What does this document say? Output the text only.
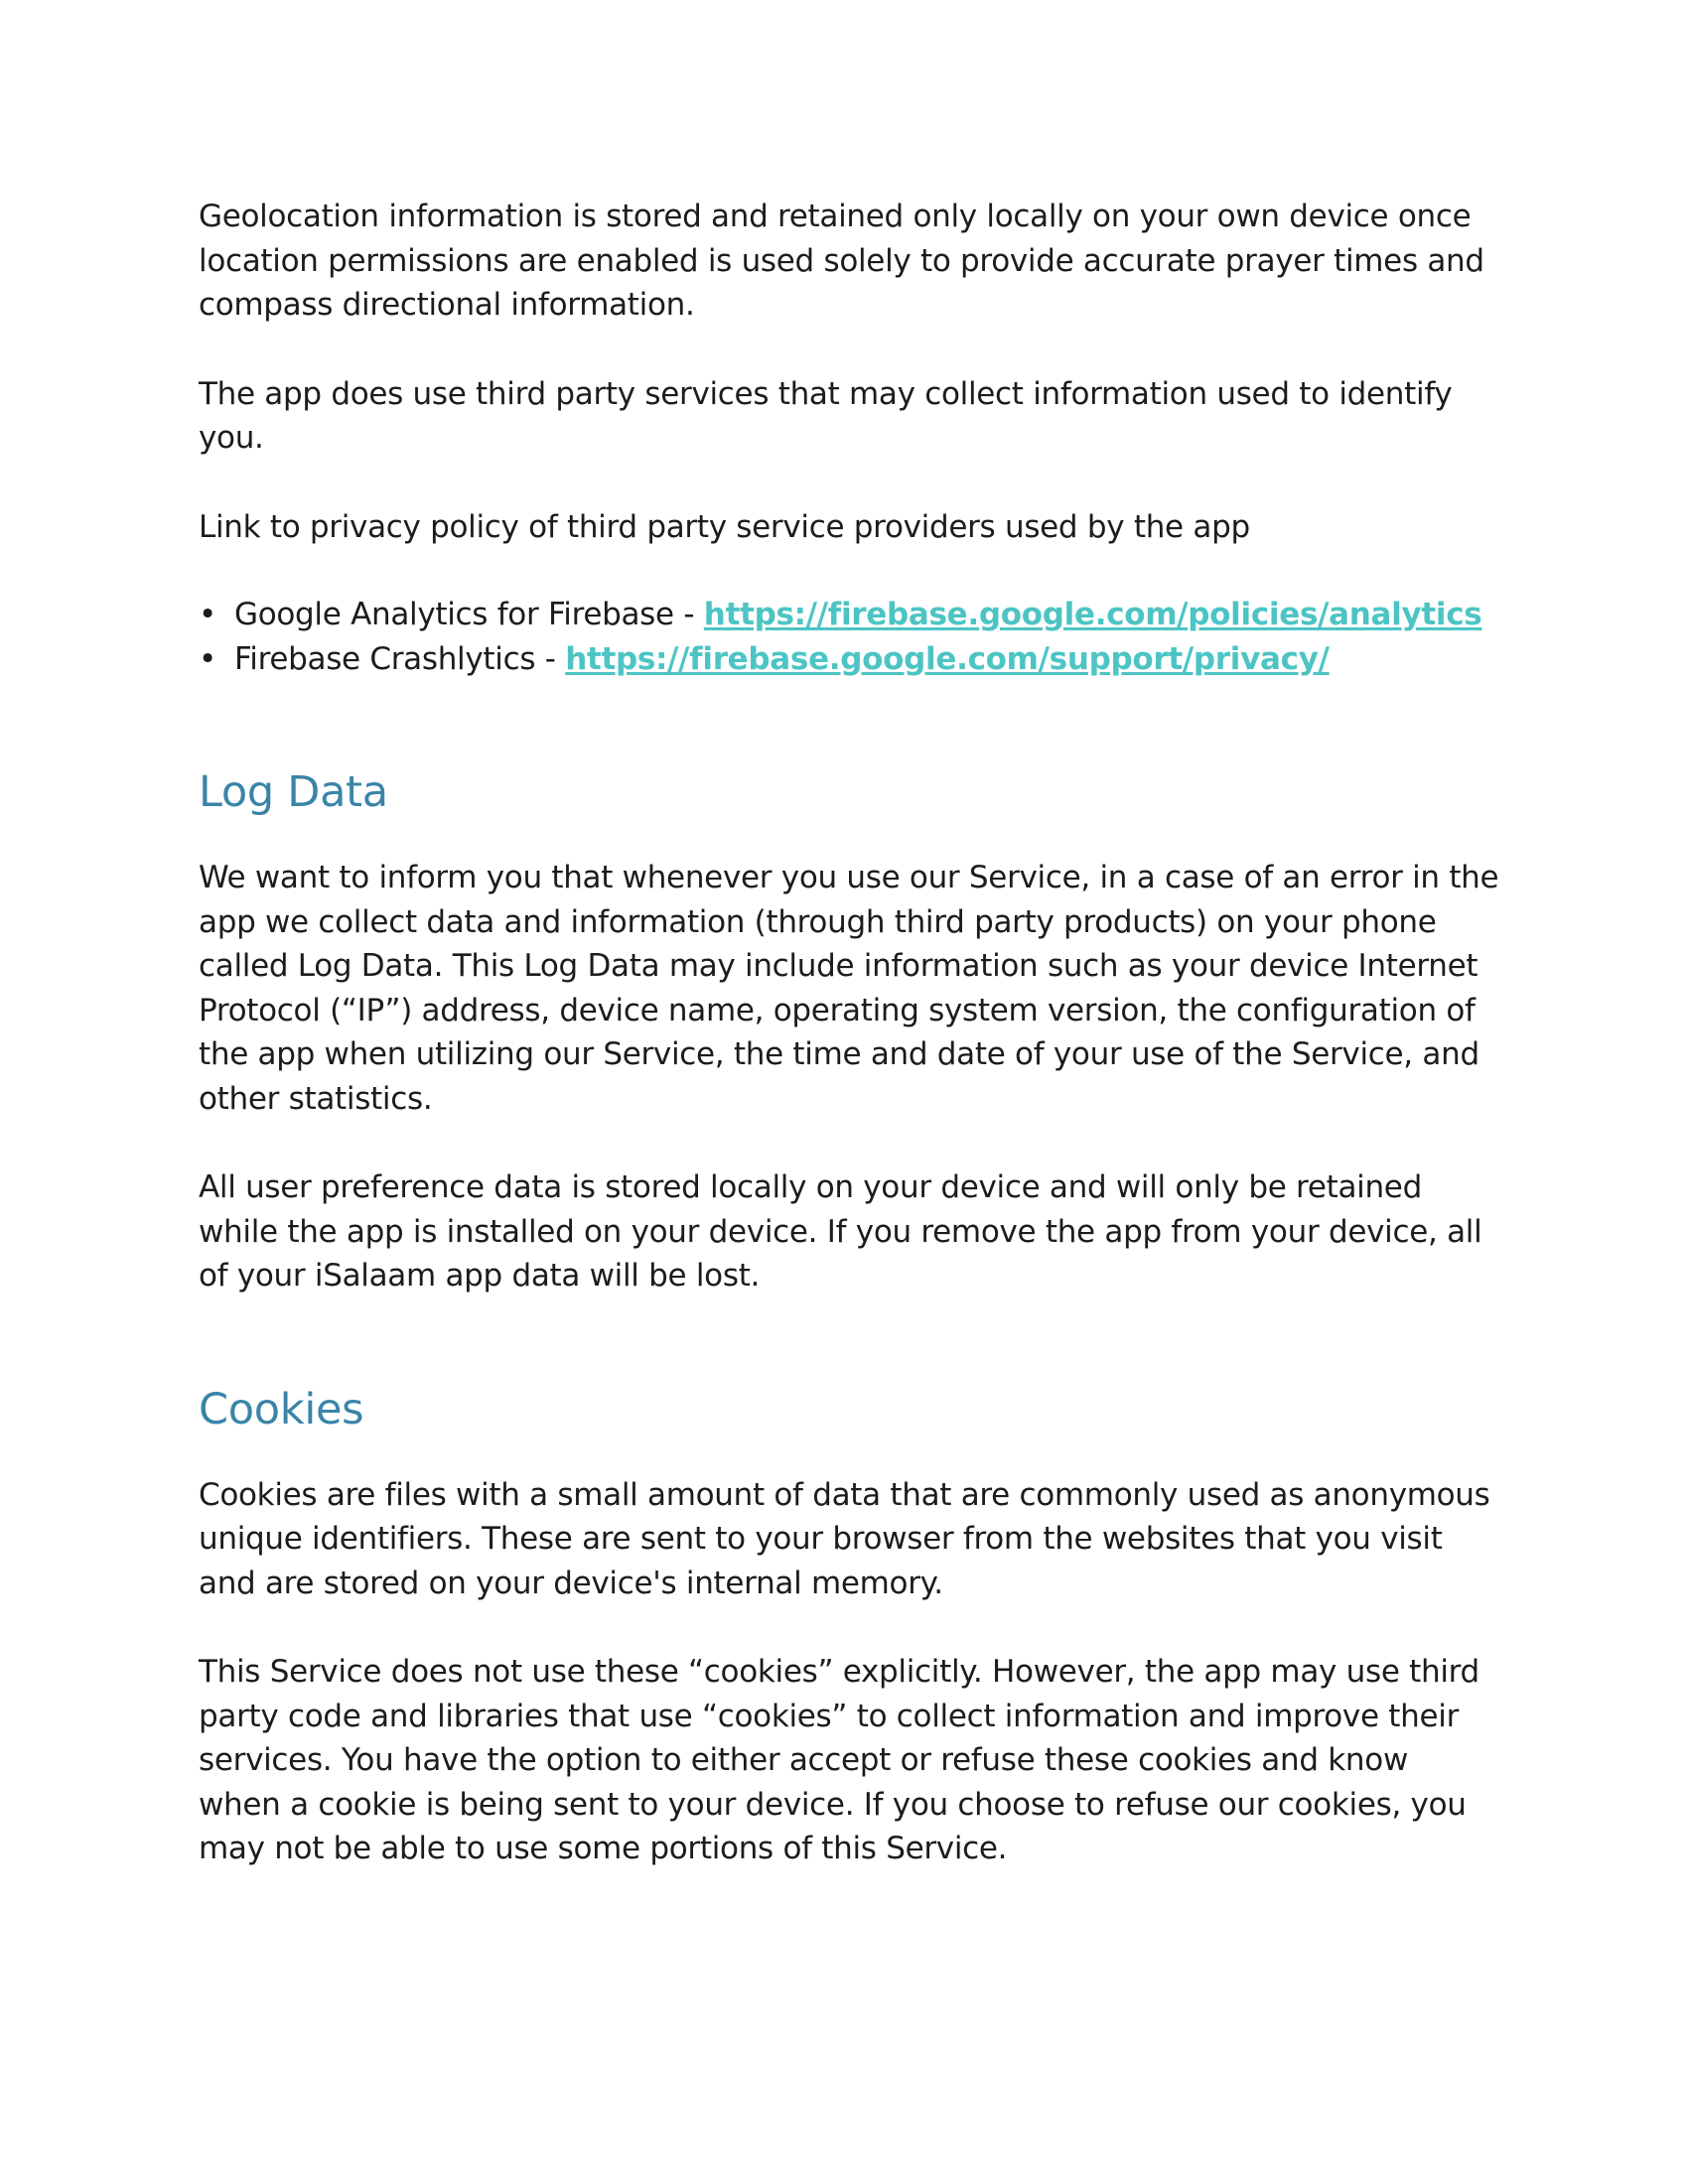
Geolocation information is stored and retained only locally on your own device once location permissions are enabled is used solely to provide accurate prayer times and compass directional information.

The app does use third party services that may collect information used to identify you.

Link to privacy policy of third party service providers used by the app

• Google Analytics for Firebase - https://firebase.google.com/policies/analytics
• Firebase Crashlytics - https://firebase.google.com/support/privacy/
Log Data

We want to inform you that whenever you use our Service, in a case of an error in the app we collect data and information (through third party products) on your phone called Log Data. This Log Data may include information such as your device Internet Protocol (“IP”) address, device name, operating system version, the configuration of the app when utilizing our Service, the time and date of your use of the Service, and other statistics.

All user preference data is stored locally on your device and will only be retained while the app is installed on your device. If you remove the app from your device, all of your iSalaam app data will be lost.

Cookies

Cookies are files with a small amount of data that are commonly used as anonymous unique identifiers. These are sent to your browser from the websites that you visit and are stored on your device's internal memory.

This Service does not use these “cookies” explicitly. However, the app may use third party code and libraries that use “cookies” to collect information and improve their services. You have the option to either accept or refuse these cookies and know when a cookie is being sent to your device. If you choose to refuse our cookies, you may not be able to use some portions of this Service.
